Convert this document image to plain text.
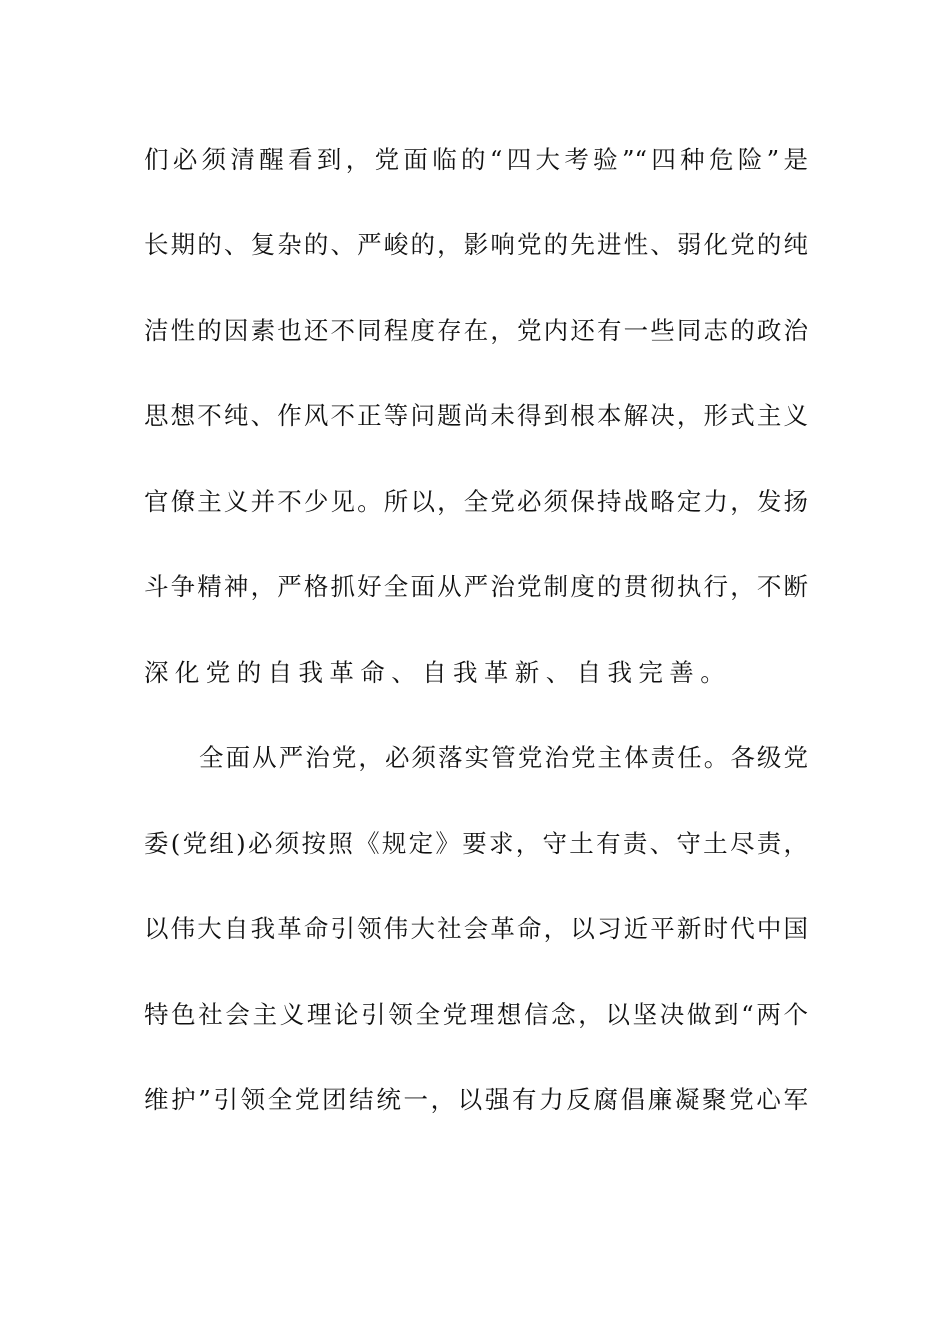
们必须清醒看到，党面临的“四大考验”“四种危险”是
长期的、复杂的、严峻的，影响党的先进性、弱化党的纯
洁性的因素也还不同程度存在，党内还有一些同志的政治
思想不纯、作风不正等问题尚未得到根本解决，形式主义
官僚主义并不少见。所以，全党必须保持战略定力，发扬
斗争精神，严格抓好全面从严治党制度的贯彻执行，不断
深化党的自我革命、自我革新、自我完善。
全面从严治党，必须落实管党治党主体责任。各级党
委(党组)必须按照《规定》要求，守土有责、守土尽责，
以伟大自我革命引领伟大社会革命，以习近平新时代中国
特色社会主义理论引领全党理想信念，以坚决做到“两个
维护”引领全党团结统一，以强有力反腐倡廉凝聚党心军
